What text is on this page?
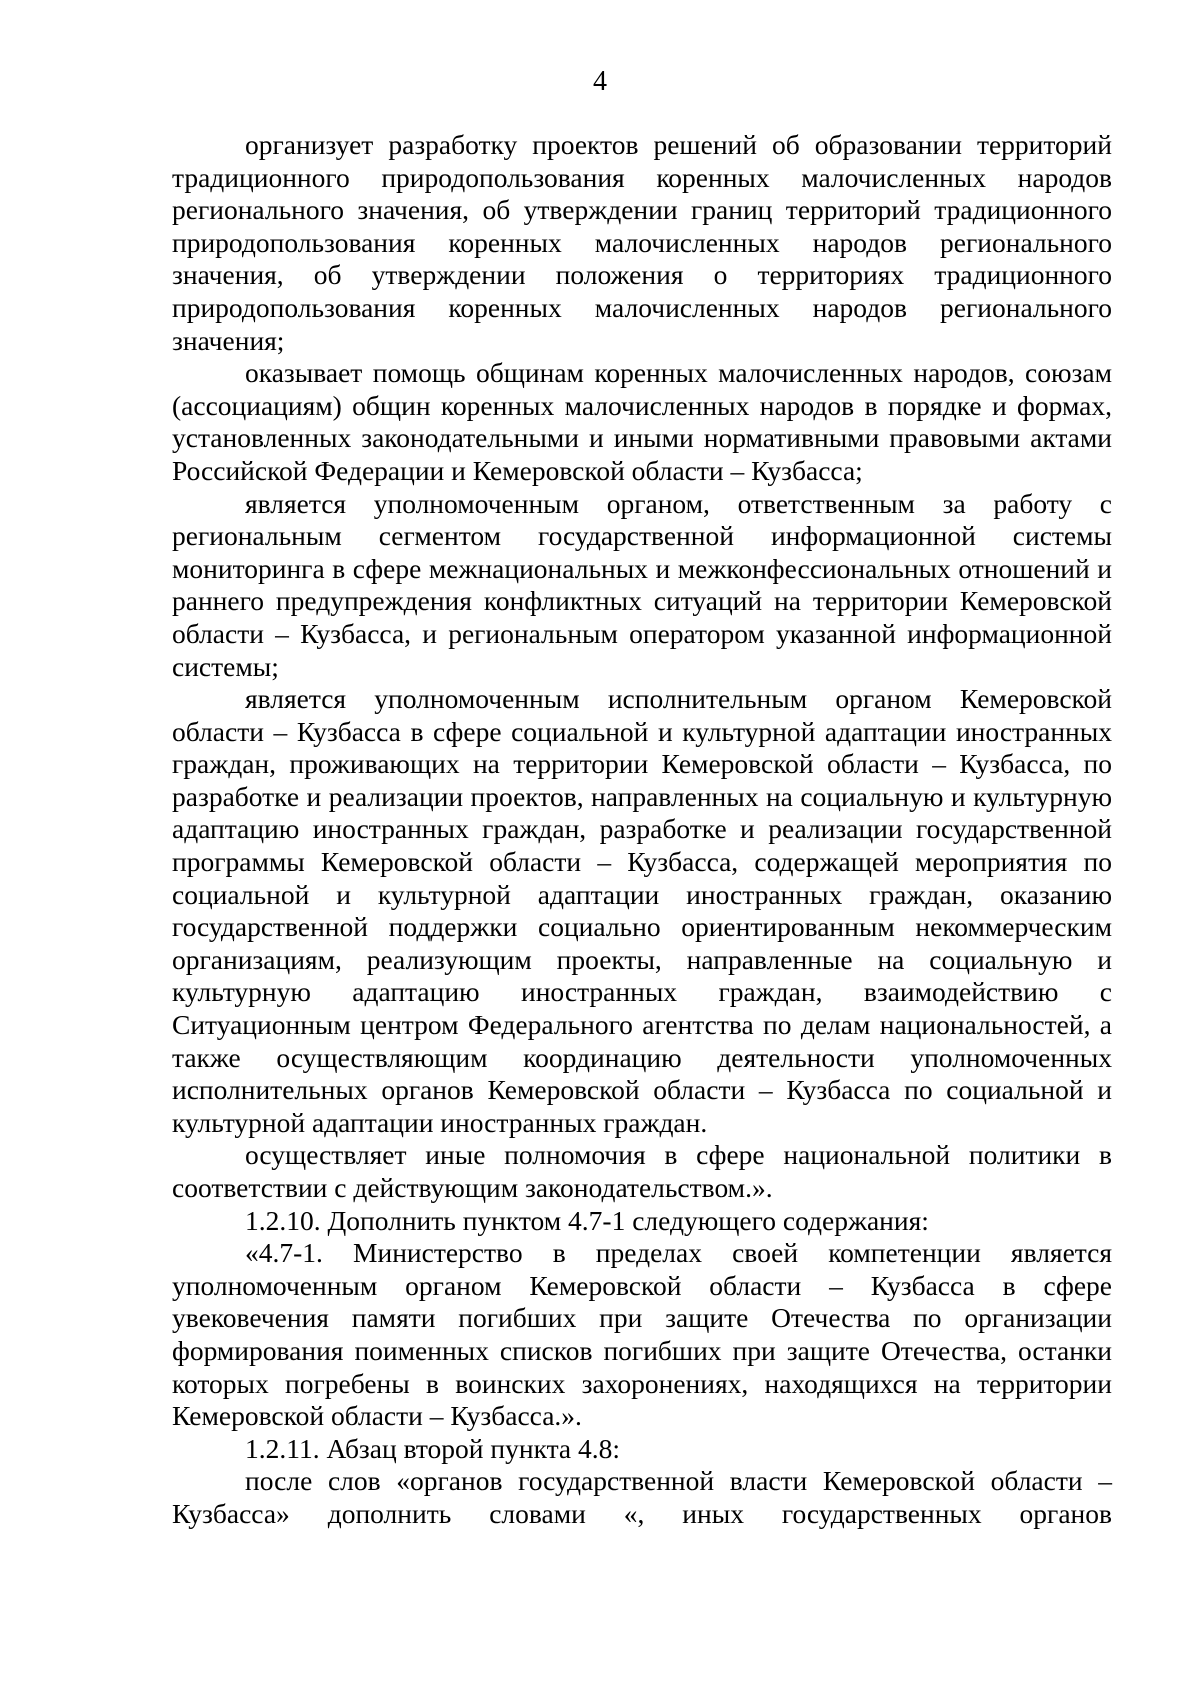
4

организует разработку проектов решений об образовании территорий традиционного природопользования коренных малочисленных народов регионального значения, об утверждении границ территорий традиционного природопользования коренных малочисленных народов регионального значения, об утверждении положения о территориях традиционного природопользования коренных малочисленных народов регионального значения;

оказывает помощь общинам коренных малочисленных народов, союзам (ассоциациям) общин коренных малочисленных народов в порядке и формах, установленных законодательными и иными нормативными правовыми актами Российской Федерации и Кемеровской области – Кузбасса;

является уполномоченным органом, ответственным за работу с региональным сегментом государственной информационной системы мониторинга в сфере межнациональных и межконфессиональных отношений и раннего предупреждения конфликтных ситуаций на территории Кемеровской области – Кузбасса, и региональным оператором указанной информационной системы;

является уполномоченным исполнительным органом Кемеровской области – Кузбасса в сфере социальной и культурной адаптации иностранных граждан, проживающих на территории Кемеровской области – Кузбасса, по разработке и реализации проектов, направленных на социальную и культурную адаптацию иностранных граждан, разработке и реализации государственной программы Кемеровской области – Кузбасса, содержащей мероприятия по социальной и культурной адаптации иностранных граждан, оказанию государственной поддержки социально ориентированным некоммерческим организациям, реализующим проекты, направленные на социальную и культурную адаптацию иностранных граждан, взаимодействию с Ситуационным центром Федерального агентства по делам национальностей, а также осуществляющим координацию деятельности уполномоченных исполнительных органов Кемеровской области – Кузбасса по социальной и культурной адаптации иностранных граждан.

осуществляет иные полномочия в сфере национальной политики в соответствии с действующим законодательством.».

1.2.10. Дополнить пунктом 4.7-1 следующего содержания:

«4.7-1. Министерство в пределах своей компетенции является уполномоченным органом Кемеровской области – Кузбасса в сфере увековечения памяти погибших при защите Отечества по организации формирования поименных списков погибших при защите Отечества, останки которых погребены в воинских захоронениях, находящихся на территории Кемеровской области – Кузбасса.».

1.2.11. Абзац второй пункта 4.8:

после слов «органов государственной власти Кемеровской области – Кузбасса» дополнить словами «, иных государственных органов
